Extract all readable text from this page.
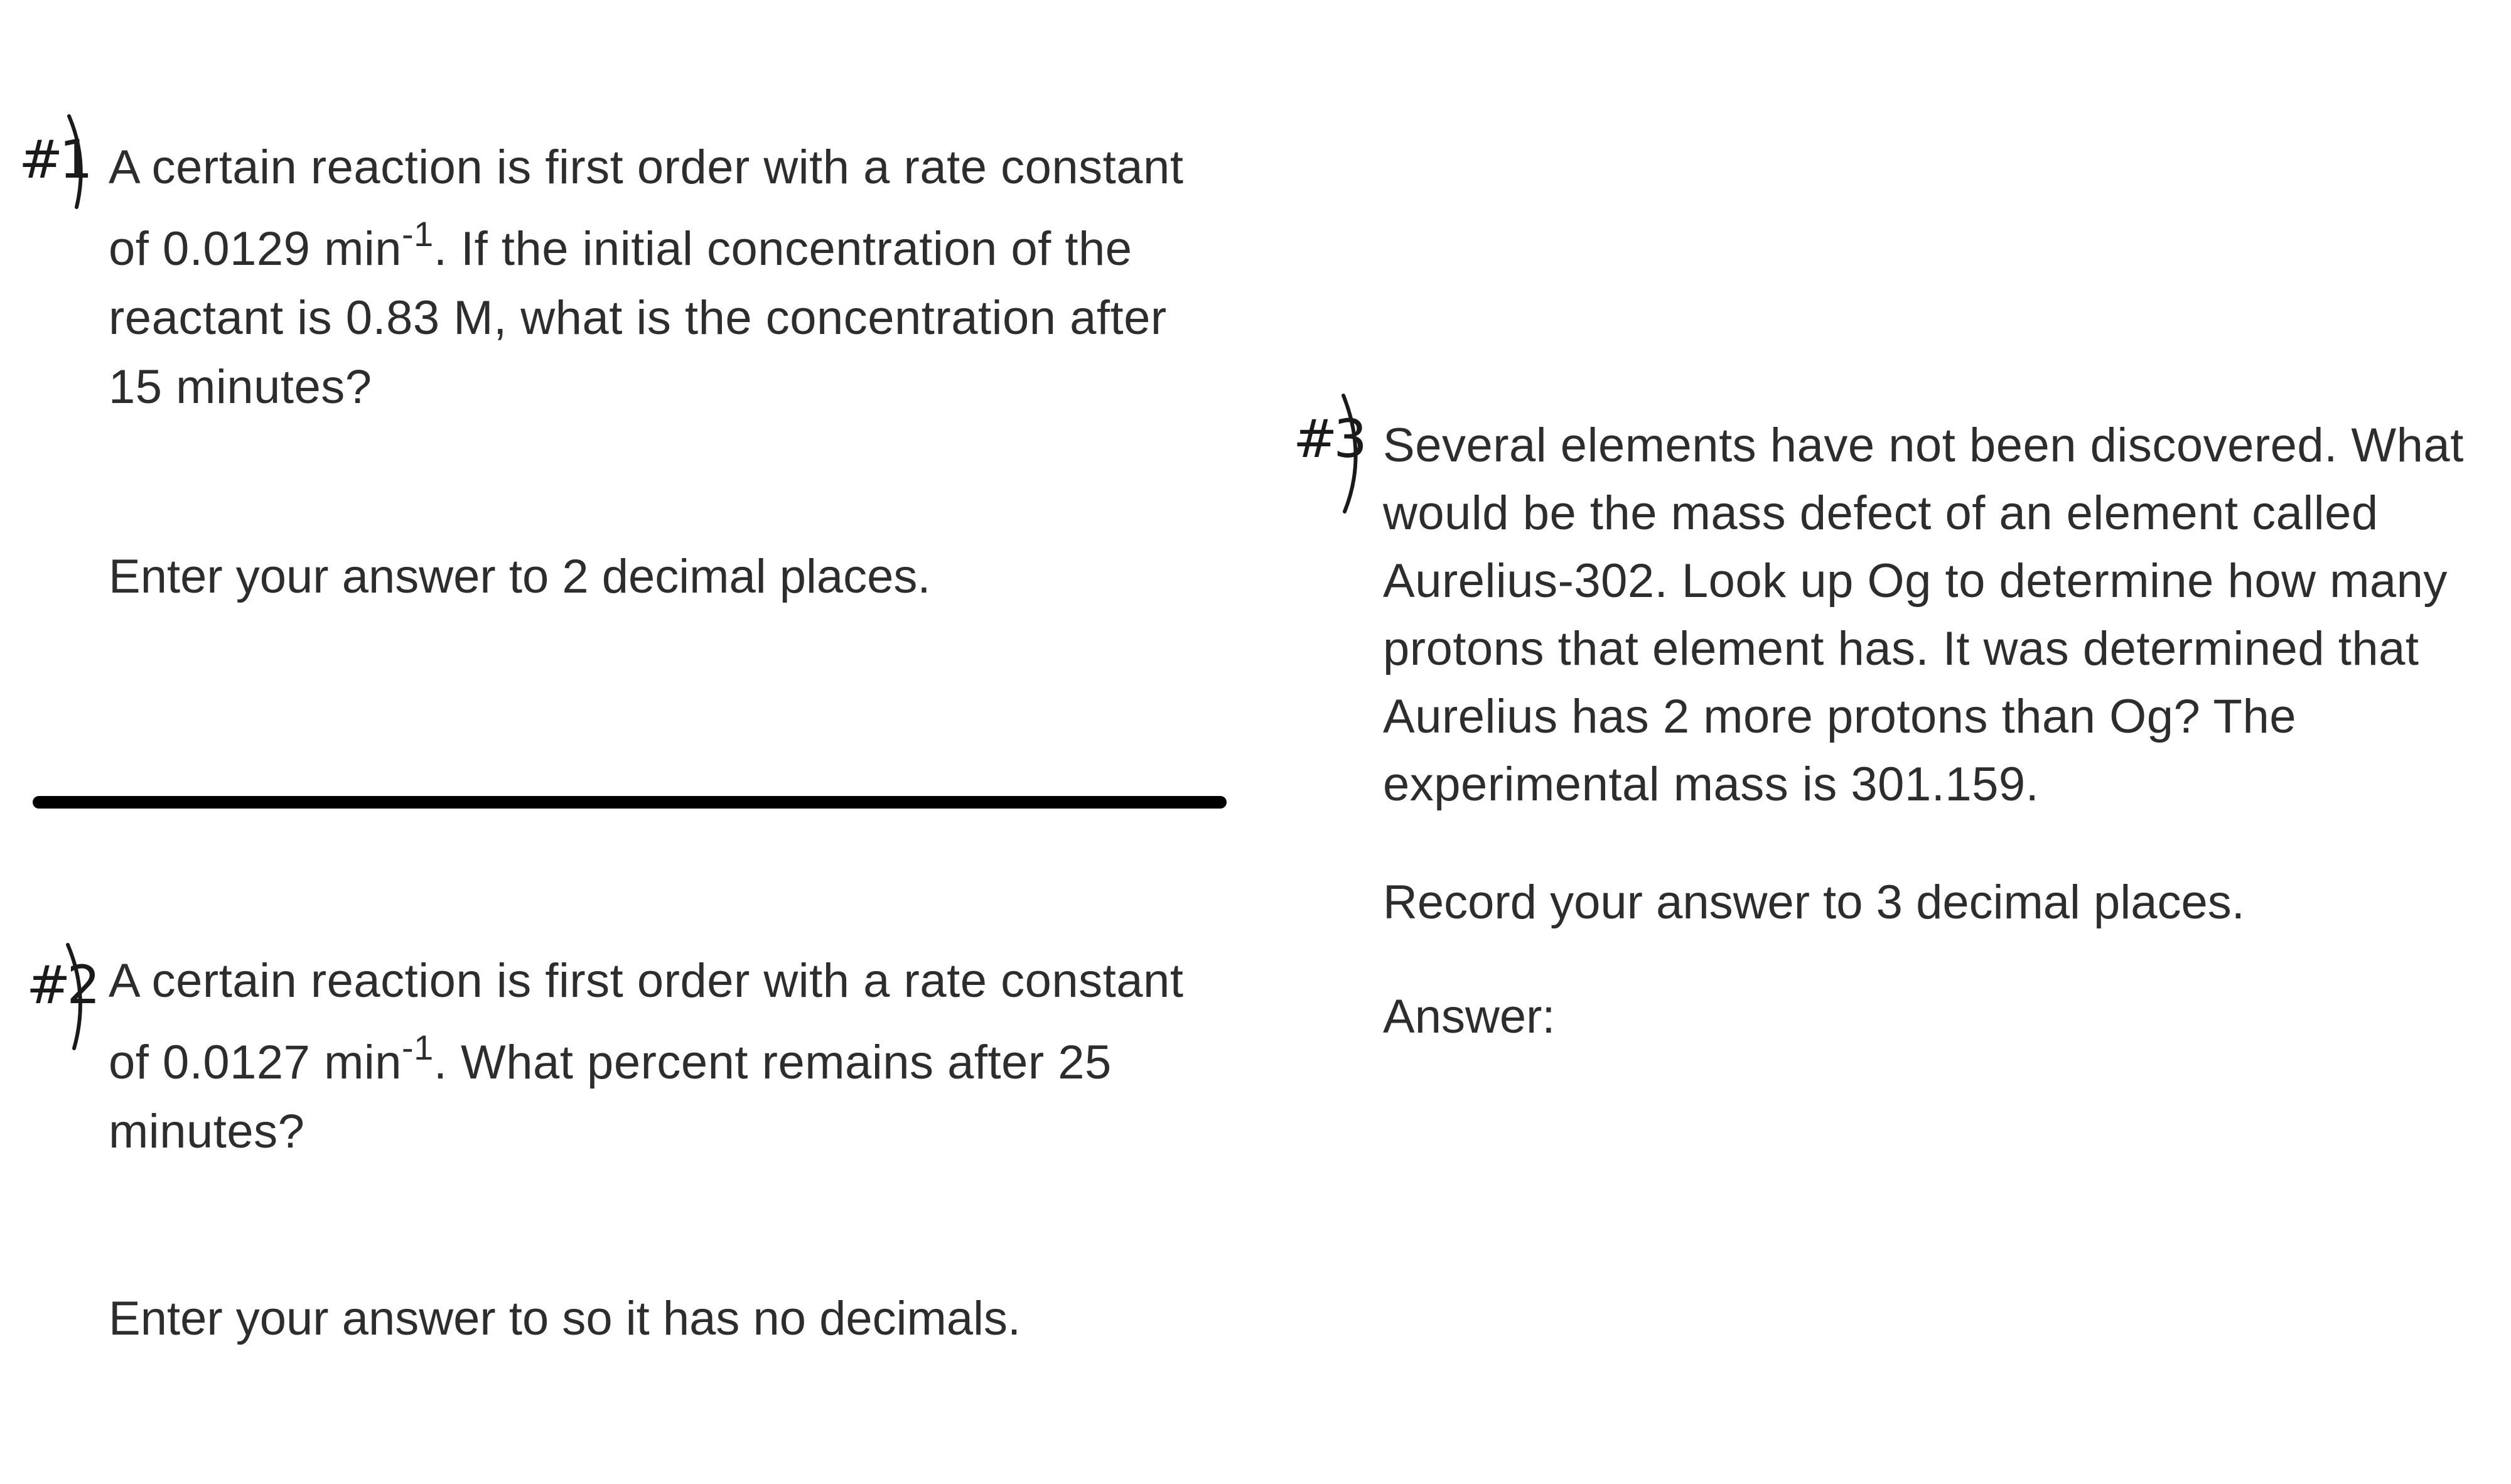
#1 A certain reaction is first order with a rate constant

of 0.0129 $\min^{-1}$. If the initial concentration of the

reactant is 0.83 M, what is the concentration after

15 minutes?

Enter your answer to 2 decimal places.
#2 A certain reaction is first order with a rate constant

of 0.0127 $\min^{-1}$. What percent remains after 25

minutes?

Enter your answer to so it has no decimals.
#3 Several elements have not been discovered. What

would be the mass defect of an element called

Aurelius-302. Look up Og to determine how many

protons that element has. It was determined that

Aurelius has 2 more protons than Og? The

experimental mass is 301.159.

Record your answer to 3 decimal places.
Answer:
